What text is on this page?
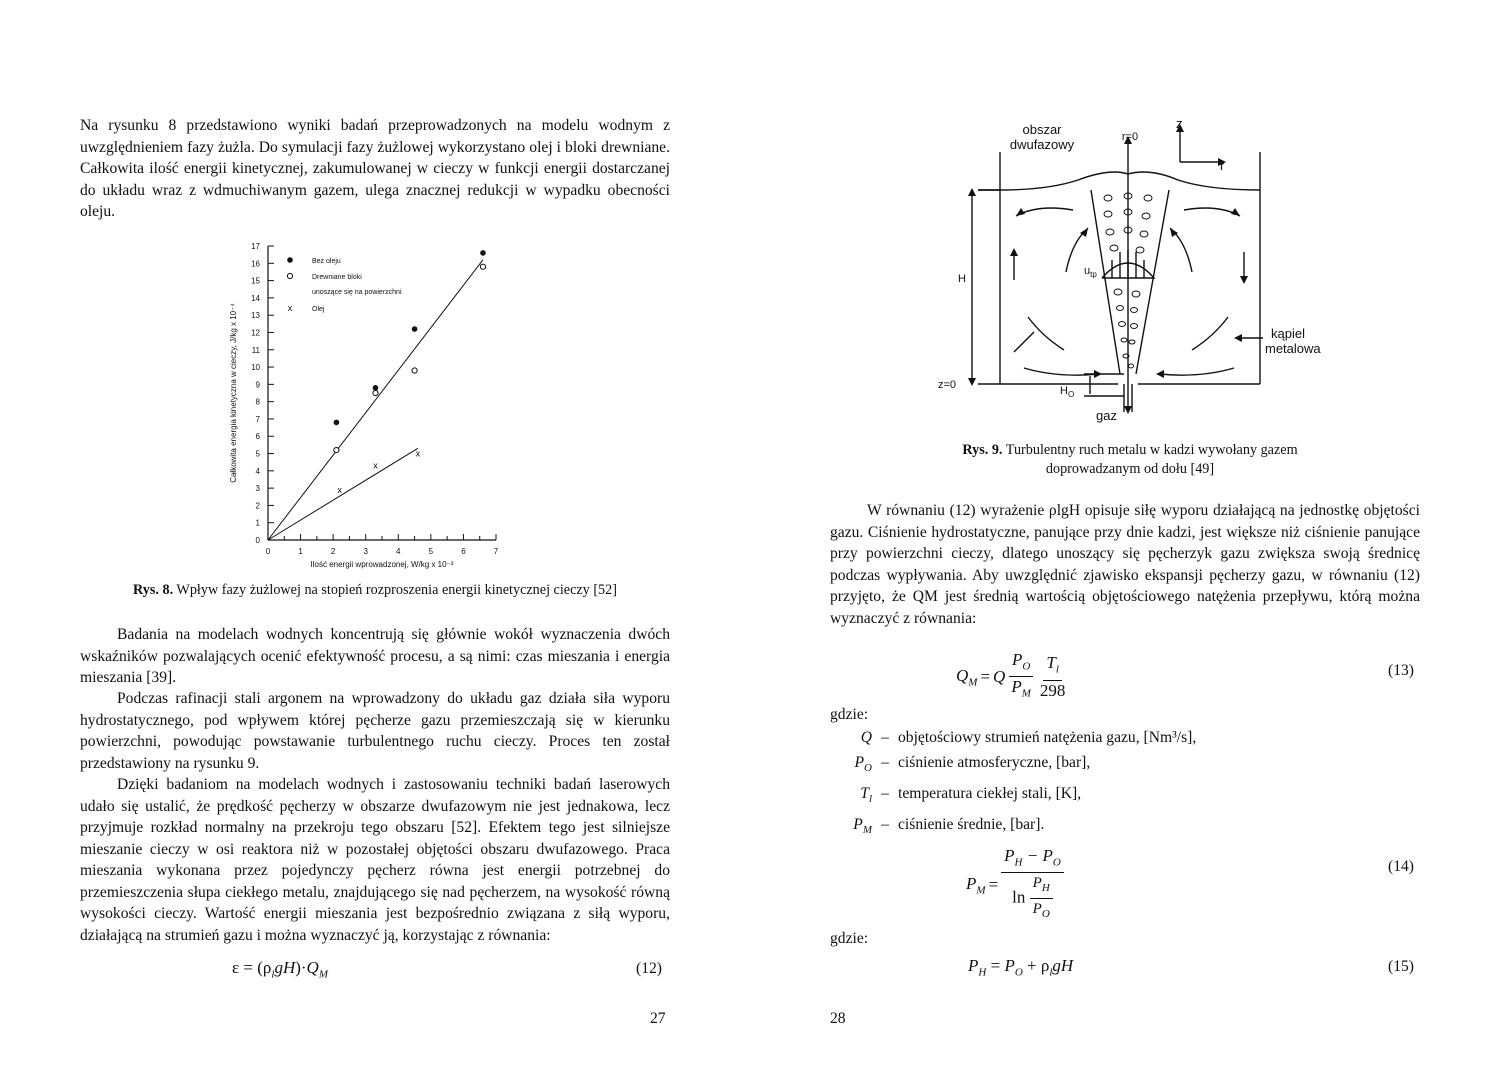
Na rysunku 8 przedstawiono wyniki badań przeprowadzonych na modelu wodnym z uwzględnieniem fazy żużla. Do symulacji fazy żużlowej wykorzystano olej i bloki drewniane. Całkowita ilość energii kinetycznej, zakumulowanej w cieczy w funkcji energii dostarczanej do układu wraz z wdmuchiwanym gazem, ulega znacznej redukcji w wypadku obecności oleju.
0
1
2
3
4
5
6
7
8
9
10
11
12
13
14
15
16
17
0	1	2	3	4	5	6	7
Ilość energii wprowadzonej, W/kg x 10⁻³
Całkowita energia kinetyczna w cieczy, J/kg x 10⁻⁴
x
x
x
x
Bez oleju
Drewniane bloki
unoszące się na powierzchni
Olej
Rys. 8. Wpływ fazy żużlowej na stopień rozproszenia energii kinetycznej cieczy [52]
Badania na modelach wodnych koncentrują się głównie wokół wyznaczenia dwóch wskaźników pozwalających ocenić efektywność procesu, a są nimi: czas mieszania i energia mieszania [39].
Podczas rafinacji stali argonem na wprowadzony do układu gaz działa siła wyporu hydrostatycznego, pod wpływem której pęcherze gazu przemieszczają się w kierunku powierzchni, powodując powstawanie turbulentnego ruchu cieczy. Proces ten został przedstawiony na rysunku 9.
Dzięki badaniom na modelach wodnych i zastosowaniu techniki badań laserowych udało się ustalić, że prędkość pęcherzy w obszarze dwufazowym nie jest jednakowa, lecz przyjmuje rozkład normalny na przekroju tego obszaru [52]. Efektem tego jest silniejsze mieszanie cieczy w osi reaktora niż w pozostałej objętości obszaru dwufazowego. Praca mieszania wykonana przez pojedynczy pęcherz równa jest energii potrzebnej do przemieszczenia słupa ciekłego metalu, znajdującego się nad pęcherzem, na wysokość równą wysokości cieczy. Wartość energii mieszania jest bezpośrednio związana z siłą wyporu, działającą na strumień gazu i można wyznaczyć ją, korzystając z równania:
$\varepsilon = (\rho_lgH)\cdot Q_M$	(12)
27
obszar
dwufazowy	r=0
z
r
H
$u_{tp}$
kąpiel
metalowa
z=0	$H_O$
gaz
Rys. 9. Turbulentny ruch metalu w kadzi wywołany gazem doprowadzanym od dołu [49]
W równaniu (12) wyrażenie ρlgH opisuje siłę wyporu działającą na jednostkę objętości gazu. Ciśnienie hydrostatyczne, panujące przy dnie kadzi, jest większe niż ciśnienie panujące przy powierzchni cieczy, dlatego unoszący się pęcherzyk gazu zwiększa swoją średnicę podczas wypływania. Aby uwzględnić zjawisko ekspansji pęcherzy gazu, w równaniu (12) przyjęto, że QM jest średnią wartością objętościowego natężenia przepływu, którą można wyznaczyć z równania:
$Q_M = Q \frac{P_O}{P_M} \frac{T_l}{298}$	(13)
gdzie:
Q – objętościowy strumień natężenia gazu, [Nm³/s],
$P_O$ – ciśnienie atmosferyczne, [bar],
$T_l$ – temperatura ciekłej stali, [K],
$P_M$ – ciśnienie średnie, [bar].
$P_M = \frac{P_H - P_O}{\ln \frac{P_H}{P_O}}$	(14)
gdzie:
$P_H = P_O + \rho_lgH$	(15)
28
